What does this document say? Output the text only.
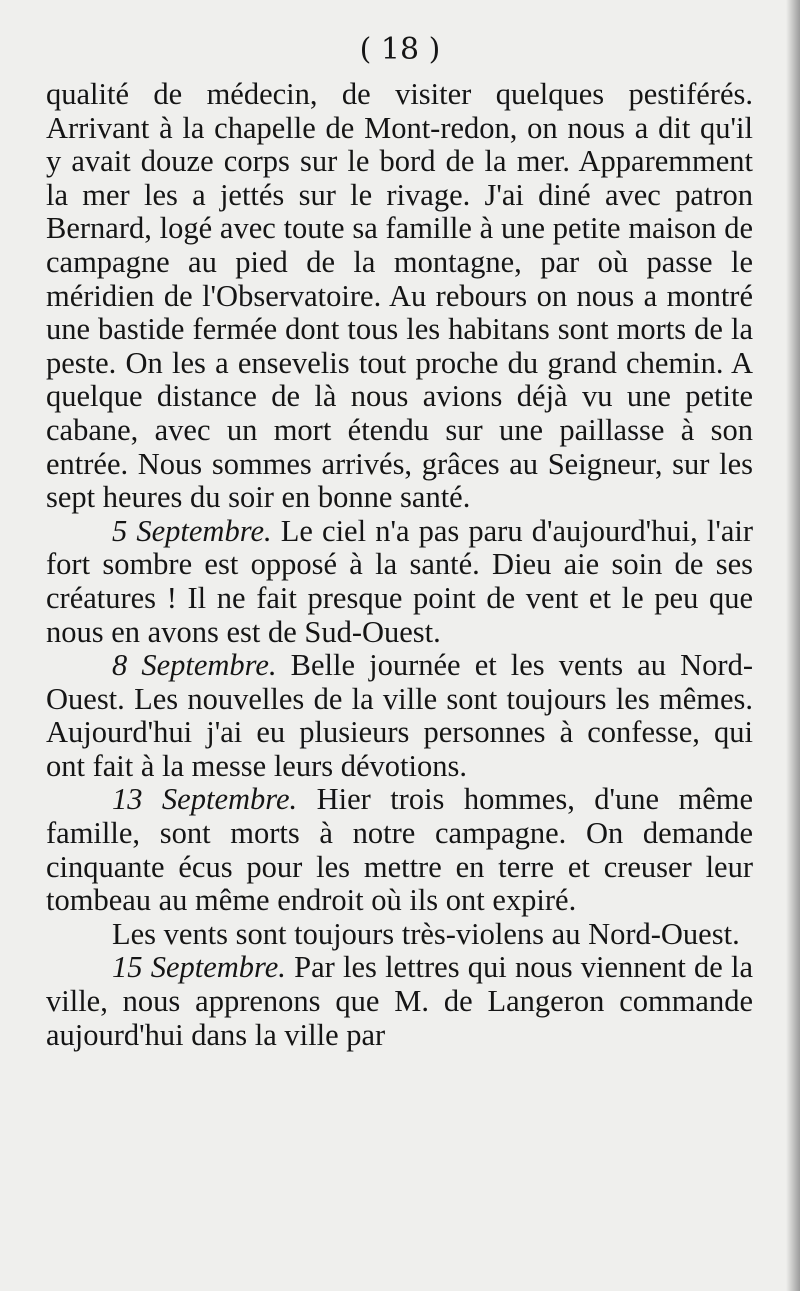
( 18 )

qualité de médecin, de visiter quelques pestiférés. Arrivant à la chapelle de Mont-redon, on nous a dit qu'il y avait douze corps sur le bord de la mer. Apparemment la mer les a jettés sur le rivage. J'ai diné avec patron Bernard, logé avec toute sa famille à une petite maison de campagne au pied de la montagne, par où passe le méridien de l'Observatoire. Au rebours on nous a montré une bastide fermée dont tous les habitans sont morts de la peste. On les a ensevelis tout proche du grand chemin. A quelque distance de là nous avions déjà vu une petite cabane, avec un mort étendu sur une paillasse à son entrée. Nous sommes arrivés, grâces au Seigneur, sur les sept heures du soir en bonne santé.

5 Septembre. Le ciel n'a pas paru d'aujourd'hui, l'air fort sombre est opposé à la santé. Dieu aie soin de ses créatures ! Il ne fait presque point de vent et le peu que nous en avons est de Sud-Ouest.

8 Septembre. Belle journée et les vents au Nord-Ouest. Les nouvelles de la ville sont toujours les mêmes. Aujourd'hui j'ai eu plusieurs personnes à confesse, qui ont fait à la messe leurs dévotions.

13 Septembre. Hier trois hommes, d'une même famille, sont morts à notre campagne. On demande cinquante écus pour les mettre en terre et creuser leur tombeau au même endroit où ils ont expiré.

Les vents sont toujours très-violens au Nord-Ouest.

15 Septembre. Par les lettres qui nous viennent de la ville, nous apprenons que M. de Langeron commande aujourd'hui dans la ville par
